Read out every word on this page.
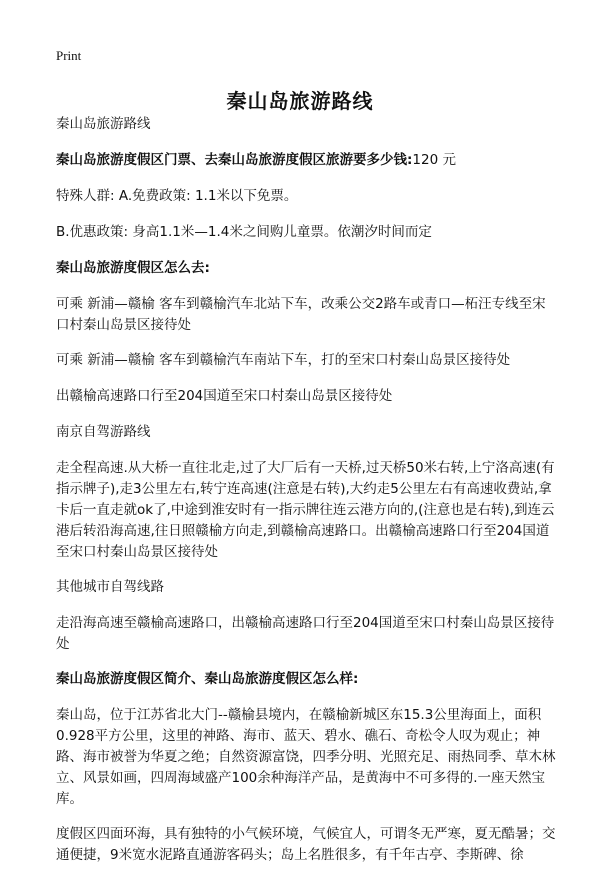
Print
秦山岛旅游路线
秦山岛旅游路线
秦山岛旅游度假区门票、去秦山岛旅游度假区旅游要多少钱:120 元
特殊人群: A.免费政策: 1.1米以下免票。
B.优惠政策: 身高1.1米—1.4米之间购儿童票。依潮汐时间而定
秦山岛旅游度假区怎么去:
可乘 新浦—赣榆 客车到赣榆汽车北站下车，改乘公交2路车或青口—柘汪专线至宋口村秦山岛景区接待处
可乘 新浦—赣榆 客车到赣榆汽车南站下车，打的至宋口村秦山岛景区接待处
出赣榆高速路口行至204国道至宋口村秦山岛景区接待处
南京自驾游路线
走全程高速.从大桥一直往北走,过了大厂后有一天桥,过天桥50米右转,上宁洛高速(有指示牌子),走3公里左右,转宁连高速(注意是右转),大约走5公里左右有高速收费站,拿卡后一直走就ok了,中途到淮安时有一指示牌往连云港方向的,(注意也是右转),到连云港后转沿海高速,往日照赣榆方向走,到赣榆高速路口。出赣榆高速路口行至204国道至宋口村秦山岛景区接待处
其他城市自驾线路
走沿海高速至赣榆高速路口，出赣榆高速路口行至204国道至宋口村秦山岛景区接待处
秦山岛旅游度假区简介、秦山岛旅游度假区怎么样:
秦山岛，位于江苏省北大门--赣榆县境内，在赣榆新城区东15.3公里海面上，面积0.928平方公里，这里的神路、海市、蓝天、碧水、礁石、奇松令人叹为观止；神路、海市被誉为华夏之绝；自然资源富饶，四季分明、光照充足、雨热同季、草木林立、风景如画，四周海域盛产100余种海洋产品，是黄海中不可多得的.一座天然宝库。
度假区四面环海，具有独特的小气候环境，气候宜人，可谓冬无严寒，夏无酷暑；交通便捷，9米宽水泥路直通游客码头；岛上名胜很多，有千年古亭、李斯碑、徐
